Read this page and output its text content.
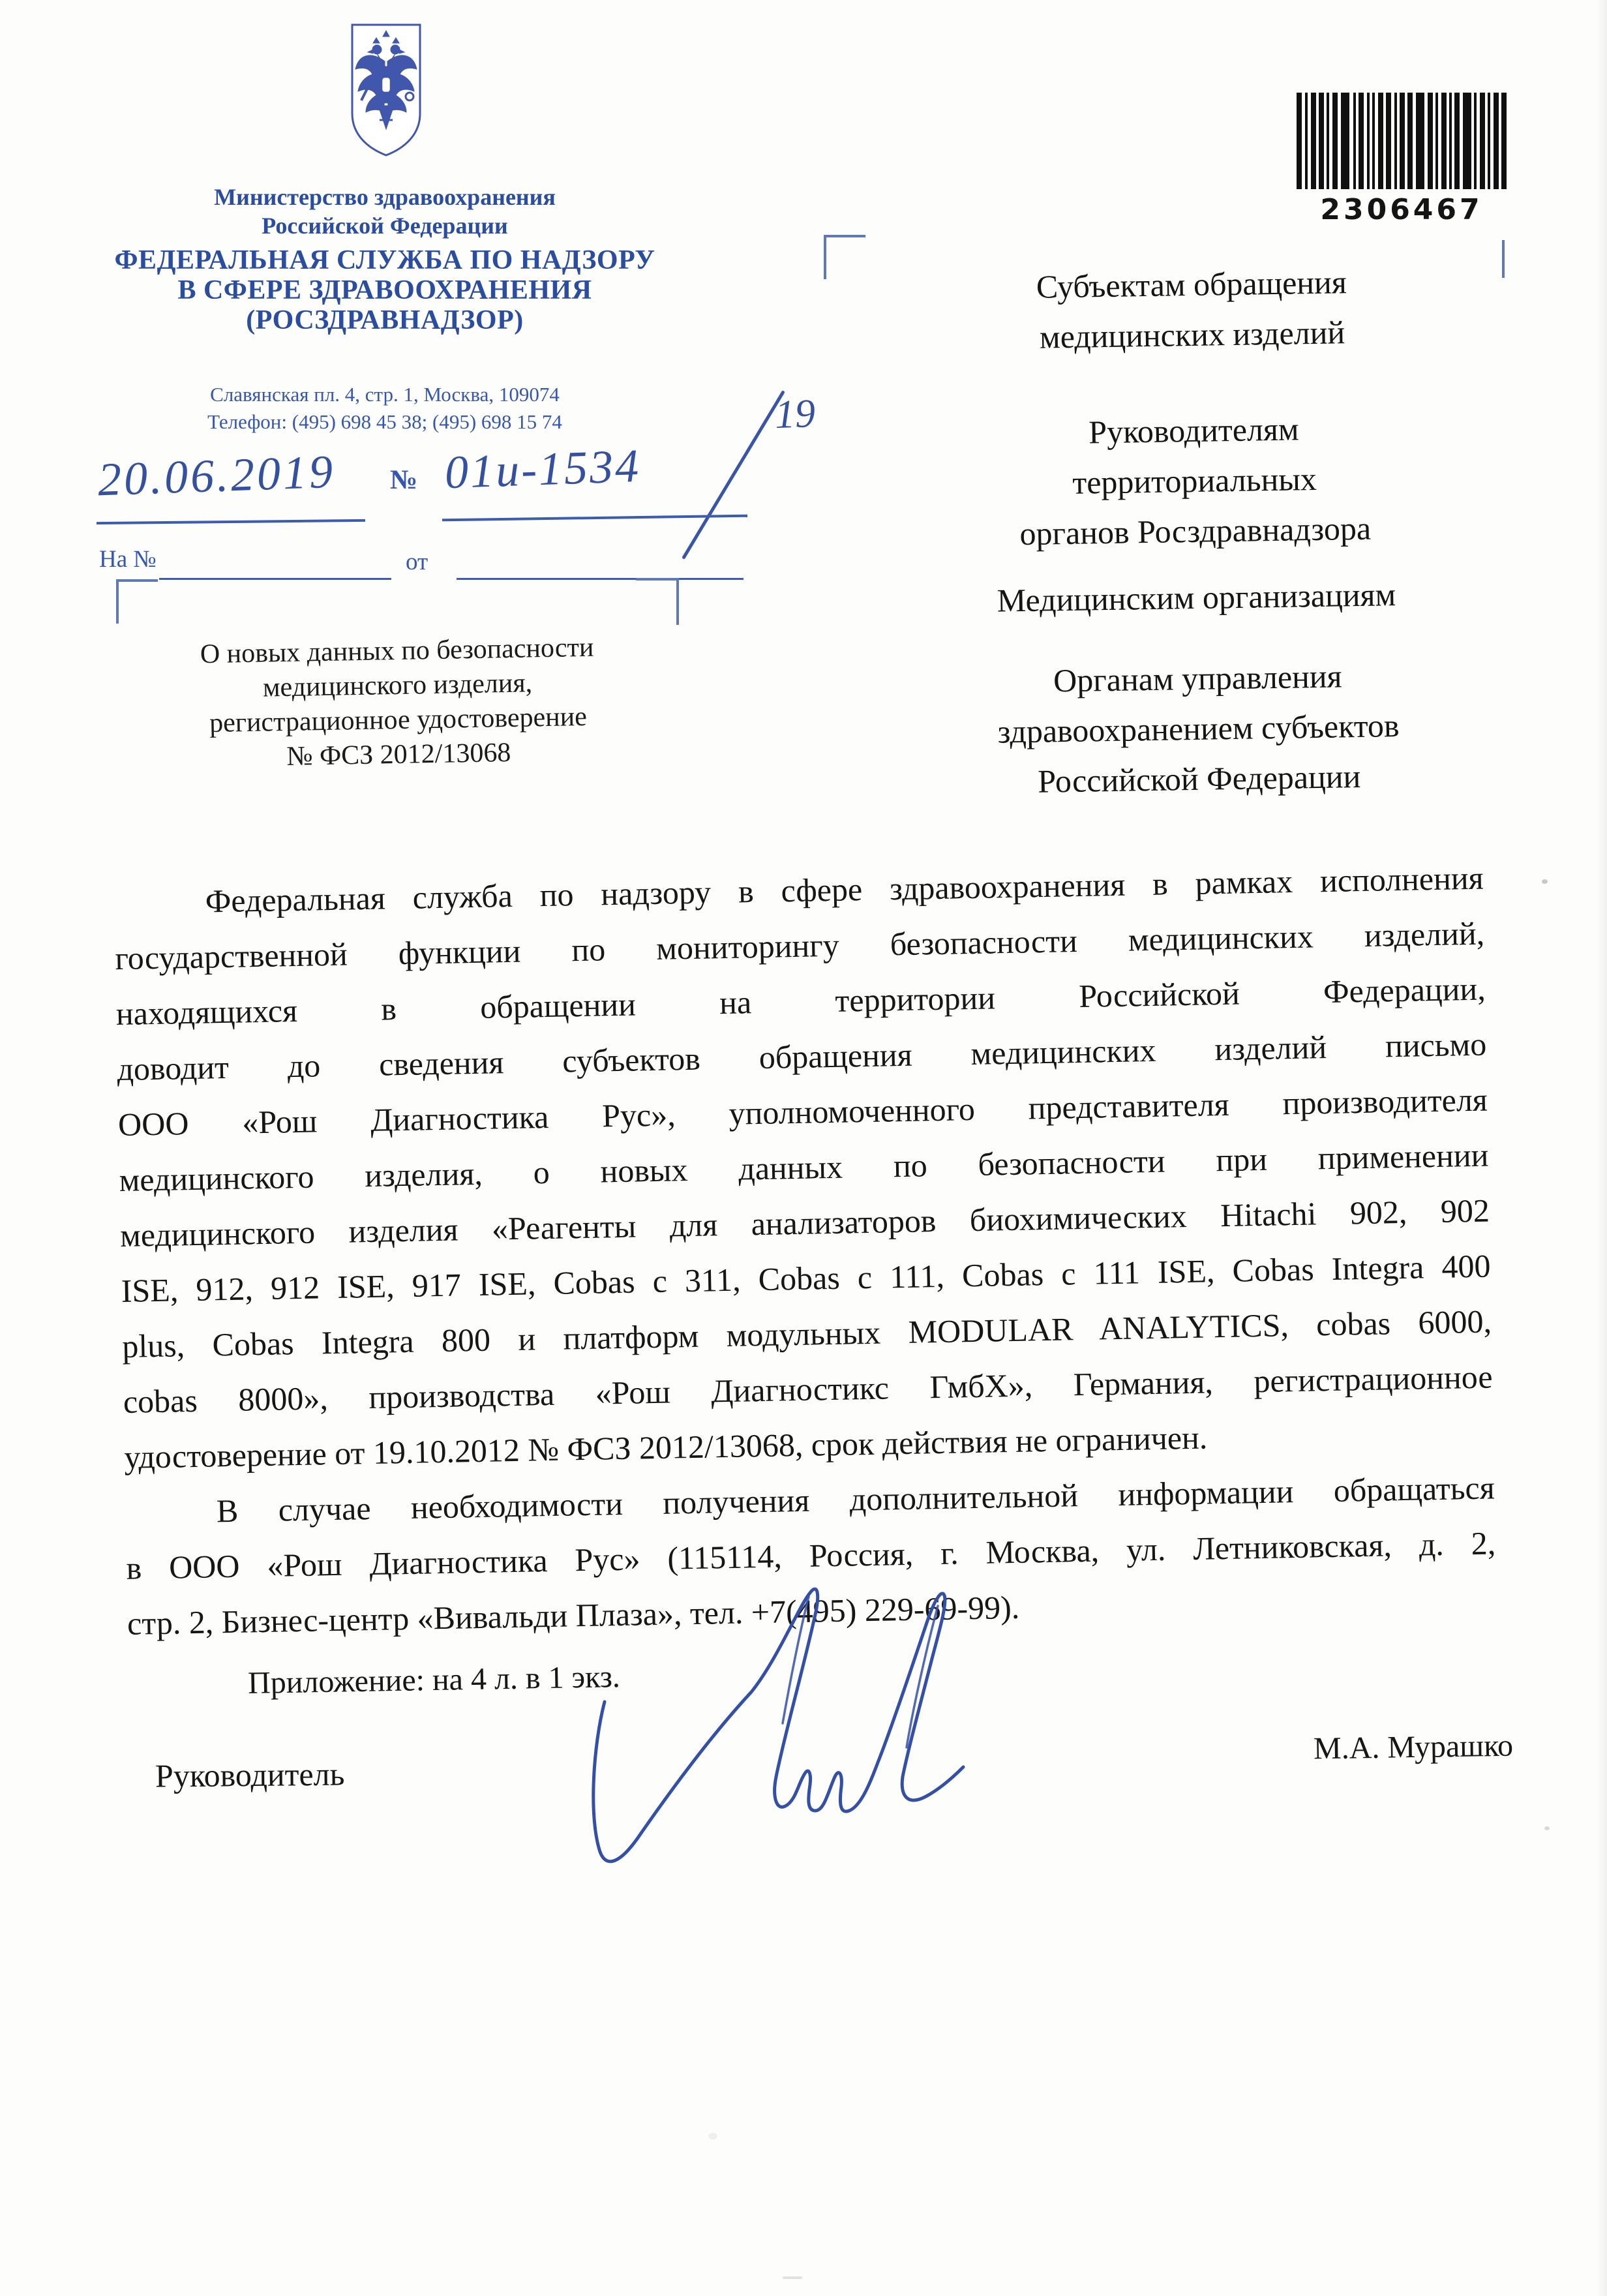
Министерство здравоохранения
Российской Федерации
ФЕДЕРАЛЬНАЯ СЛУЖБА ПО НАДЗОРУ
В СФЕРЕ ЗДРАВООХРАНЕНИЯ
(РОСЗДРАВНАДЗОР)
Славянская пл. 4, стр. 1, Москва, 109074
Телефон: (495) 698 45 38; (495) 698 15 74
20.06.2019 № 01и-1534
19
На №	от
О новых данных по безопасности
медицинского изделия,
регистрационное удостоверение
№ ФСЗ 2012/13068
2306467
Субъектам обращения
медицинских изделий
Руководителям
территориальных
органов Росздравнадзора
Медицинским организациям
Органам управления
здравоохранением субъектов
Российской Федерации
Федеральная служба по надзору в сфере здравоохранения в рамках исполнения
государственной функции по мониторингу безопасности медицинских изделий,
находящихся в обращении на территории Российской Федерации,
доводит до сведения субъектов обращения медицинских изделий письмо
ООО «Рош Диагностика Рус», уполномоченного представителя производителя
медицинского изделия, о новых данных по безопасности при применении
медицинского изделия «Реагенты для анализаторов биохимических Hitachi 902, 902
ISE, 912, 912 ISE, 917 ISE, Cobas c 311, Cobas c 111, Cobas c 111 ISE, Cobas Integra 400
plus, Cobas Integra 800 и платформ модульных MODULAR ANALYTICS, cobas 6000,
cobas 8000», производства «Рош Диагностикс ГмбХ», Германия, регистрационное
удостоверение от 19.10.2012 № ФСЗ 2012/13068, срок действия не ограничен.
В случае необходимости получения дополнительной информации обращаться
в ООО «Рош Диагностика Рус» (115114, Россия, г. Москва, ул. Летниковская, д. 2,
стр. 2, Бизнес-центр «Вивальди Плаза», тел. +7(495) 229-69-99).
Приложение: на 4 л. в 1 экз.
Руководитель
М.А. Мурашко
